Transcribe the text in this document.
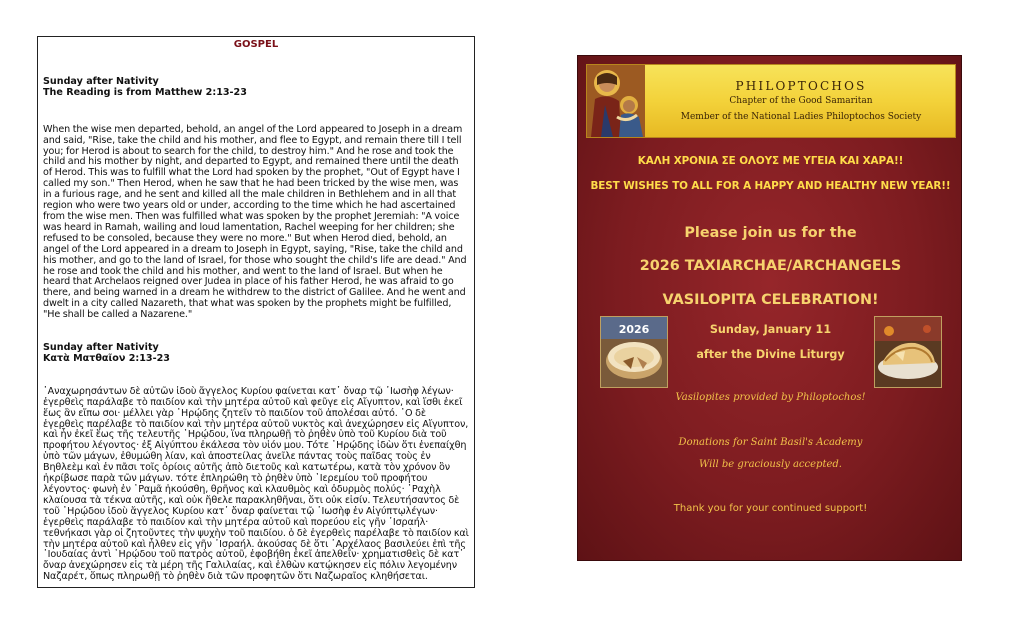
GOSPEL

Sunday after Nativity

The Reading is from Matthew 2:13-23

When the wise men departed, behold, an angel of the Lord appeared to Joseph in a dream and said, "Rise, take the child and his mother, and flee to Egypt, and remain there till I tell you; for Herod is about to search for the child, to destroy him." And he rose and took the child and his mother by night, and departed to Egypt, and remained there until the death of Herod. This was to fulfill what the Lord had spoken by the prophet, "Out of Egypt have I called my son." Then Herod, when he saw that he had been tricked by the wise men, was in a furious rage, and he sent and killed all the male children in Bethlehem and in all that region who were two years old or under, according to the time which he had ascertained from the wise men. Then was fulfilled what was spoken by the prophet Jeremiah: "A voice was heard in Ramah, wailing and loud lamentation, Rachel weeping for her children; she refused to be consoled, because they were no more." But when Herod died, behold, an angel of the Lord appeared in a dream to Joseph in Egypt, saying, "Rise, take the child and his mother, and go to the land of Israel, for those who sought the child's life are dead." And he rose and took the child and his mother, and went to the land of Israel. But when he heard that Archelaos reigned over Judea in place of his father Herod, he was afraid to go there, and being warned in a dream he withdrew to the district of Galilee. And he went and dwelt in a city called Nazareth, that what was spoken by the prophets might be fulfilled, "He shall be called a Nazarene."

Sunday after Nativity

Κατὰ Ματθαῖον 2:13-23

᾿Αναχωρησάντων δὲ αὐτῶν ἰδοὺ ἄγγελος Κυρίου φαίνεται κατ᾿ ὄναρ τῷ ᾿Ιωσὴφ λέγων· ἐγερθεὶς παράλαβε τὸ παιδίον καὶ τὴν μητέρα αὐτοῦ καὶ φεῦγε εἰς Αἴγυπτον, καὶ ἴσθι ἐκεῖ ἕως ἂν εἴπω σοι· μέλλει γὰρ ῾Ηρῴδης ζητεῖν τὸ παιδίον τοῦ ἀπολέσαι αὐτό. ῾Ο δὲ ἐγερθεὶς παρέλαβε τὸ παιδίον καὶ τὴν μητέρα αὐτοῦ νυκτὸς καὶ ἀνεχώρησεν εἰς Αἴγυπτον, καὶ ἦν ἐκεῖ ἕως τῆς τελευτῆς ῾Ηρῴδου, ἵνα πληρωθῇ τὸ ῥηθὲν ὑπὸ τοῦ Κυρίου διὰ τοῦ προφήτου λέγοντος· ἐξ Αἰγύπτου ἐκάλεσα τὸν υἱόν μου. Τότε ῾Ηρῴδης ἰδὼν ὅτι ἐνεπαίχθη ὑπὸ τῶν μάγων, ἐθυμώθη λίαν, καὶ ἀποστείλας ἀνεῖλε πάντας τοὺς παῖδας τοὺς ἐν Βηθλεὲμ καὶ ἐν πᾶσι τοῖς ὁρίοις αὐτῆς ἀπὸ διετοῦς καὶ κατωτέρω, κατὰ τὸν χρόνον ὃν ἠκρίβωσε παρὰ τῶν μάγων. τότε ἐπληρώθη τὸ ῥηθὲν ὑπὸ ῾Ιερεμίου τοῦ προφήτου λέγοντος· φωνὴ ἐν ῾Ραμᾶ ἠκούσθη, θρῆνος καὶ κλαυθμὸς καὶ ὀδυρμὸς πολύς· ῾Ραχὴλ κλαίουσα τὰ τέκνα αὐτῆς, καὶ οὐκ ἤθελε παρακληθῆναι, ὅτι οὐκ εἰσίν. Τελευτήσαντος δὲ τοῦ ῾Ηρῴδου ἰδοὺ ἄγγελος Κυρίου κατ᾿ ὄναρ φαίνεται τῷ ᾿Ιωσὴφ ἐν Αἰγύπτῳλέγων· ἐγερθεὶς παράλαβε τὸ παιδίον καὶ τὴν μητέρα αὐτοῦ καὶ πορεύου εἰς γῆν ᾿Ισραήλ· τεθνήκασι γὰρ οἱ ζητοῦντες τὴν ψυχὴν τοῦ παιδίου. ὁ δὲ ἐγερθεὶς παρέλαβε τὸ παιδίον καὶ τὴν μητέρα αὐτοῦ καὶ ἦλθεν εἰς γῆν ᾿Ισραήλ. ἀκούσας δὲ ὅτι ᾿Αρχέλαος βασιλεύει ἐπὶ τῆς ᾿Ιουδαίας ἀντὶ ῾Ηρῴδου τοῦ πατρὸς αὐτοῦ, ἐφοβήθη ἐκεῖ ἀπελθεῖν· χρηματισθεὶς δὲ κατ᾿ ὄναρ ἀνεχώρησεν εἰς τὰ μέρη τῆς Γαλιλαίας, καὶ ἐλθὼν κατῴκησεν εἰς πόλιν λεγομένην Ναζαρέτ, ὅπως πληρωθῇ τὸ ῥηθὲν διὰ τῶν προφητῶν ὅτι Ναζωραῖος κληθήσεται.

PHILOPTOCHOS

Chapter of the Good Samaritan

Member of the National Ladies Philoptochos Society

ΚΑΛΗ ΧΡΟΝΙΑ ΣΕ ΟΛΟΥΣ ΜΕ ΥΓΕΙΑ ΚΑΙ ΧΑΡΑ!!
BEST WISHES TO ALL FOR A HAPPY AND HEALTHY NEW YEAR!!
Please join us for the
2026 TAXIARCHAE/ARCHANGELS
VASILOPITA CELEBRATION!
2026	Sunday, January 11
after the Divine Liturgy
Vasilopites provided by Philoptochos!
Donations for Saint Basil's Academy
Will be graciously accepted.
Thank you for your continued support!
